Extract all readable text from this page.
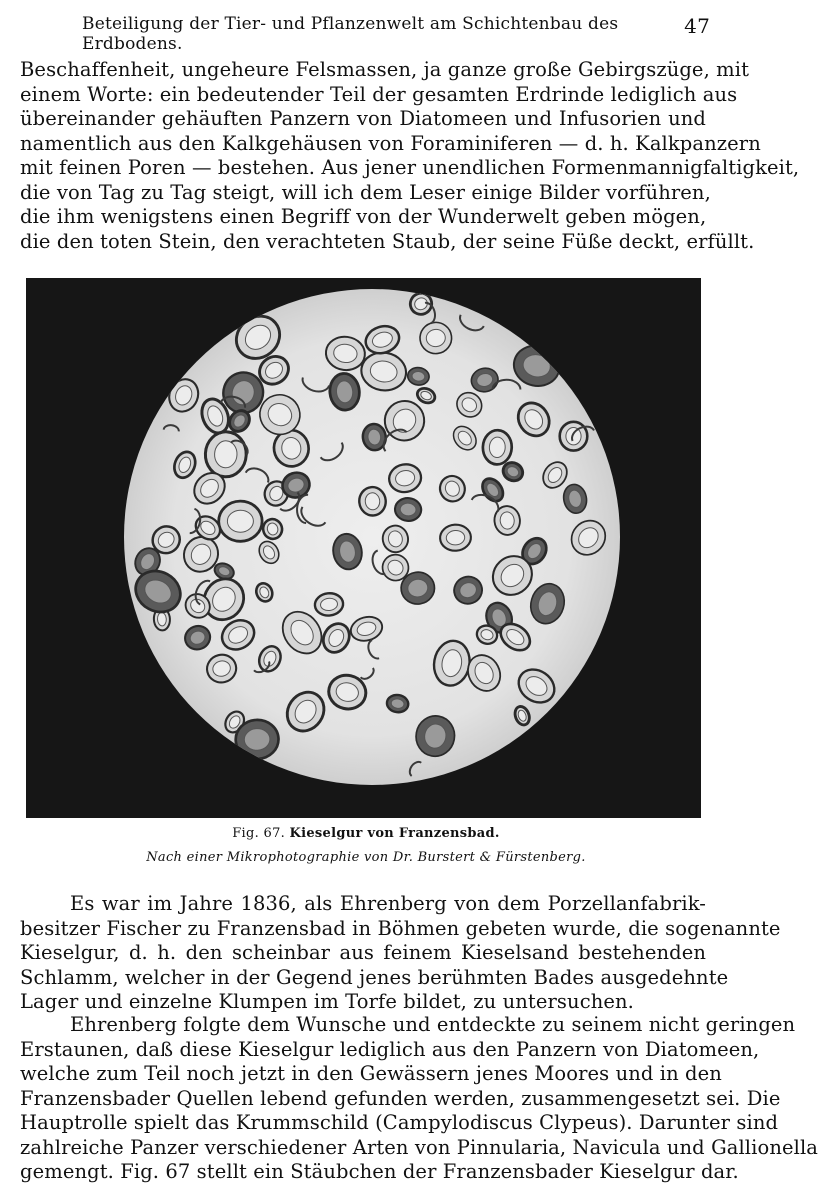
Beteiligung der Tier- und Pflanzenwelt am Schichtenbau des Erdbodens.
47
Beschaffenheit, ungeheure Felsmassen, ja ganze große Gebirgszüge, mit
einem Worte: ein bedeutender Teil der gesamten Erdrinde lediglich aus
übereinander gehäuften Panzern von Diatomeen und Infusorien und
namentlich aus den Kalkgehäusen von Foraminiferen — d. h. Kalkpanzern
mit feinen Poren — bestehen. Aus jener unendlichen Formenmannigfaltigkeit,
die von Tag zu Tag steigt, will ich dem Leser einige Bilder vorführen,
die ihm wenigstens einen Begriff von der Wunderwelt geben mögen,
die den toten Stein, den verachteten Staub, der seine Füße deckt, erfüllt.
Fig. 67. Kieselgur von Franzensbad.
Nach einer Mikrophotographie von Dr. Burstert & Fürstenberg.
Es war im Jahre 1836, als Ehrenberg von dem Porzellanfabrik-
besitzer Fischer zu Franzensbad in Böhmen gebeten wurde, die sogenannte
Kieselgur, d. h. den scheinbar aus feinem Kieselsand bestehenden
Schlamm, welcher in der Gegend jenes berühmten Bades ausgedehnte
Lager und einzelne Klumpen im Torfe bildet, zu untersuchen.
Ehrenberg folgte dem Wunsche und entdeckte zu seinem nicht geringen
Erstaunen, daß diese Kieselgur lediglich aus den Panzern von Diatomeen,
welche zum Teil noch jetzt in den Gewässern jenes Moores und in den
Franzensbader Quellen lebend gefunden werden, zusammengesetzt sei. Die
Hauptrolle spielt das Krummschild (Campylodiscus Clypeus). Darunter sind
zahlreiche Panzer verschiedener Arten von Pinnularia, Navicula und Gallionella
gemengt. Fig. 67 stellt ein Stäubchen der Franzensbader Kieselgur dar.
